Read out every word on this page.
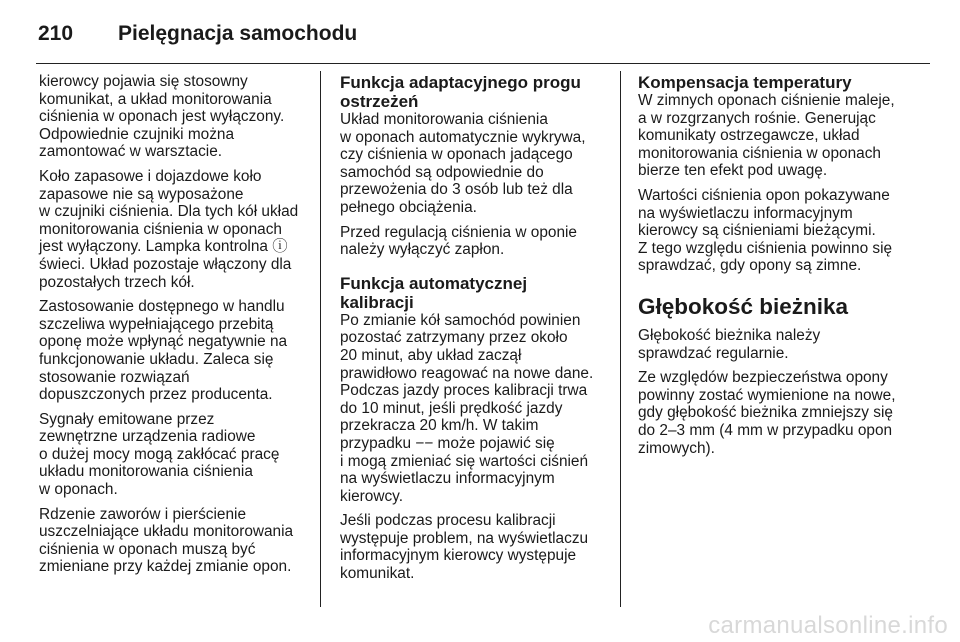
210	Pielęgnacja samochodu

kierowcy pojawia się stosowny
komunikat, a układ monitorowania
ciśnienia w oponach jest wyłączony.
Odpowiednie czujniki można
zamontować w warsztacie.

Koło zapasowe i dojazdowe koło
zapasowe nie są wyposażone
w czujniki ciśnienia. Dla tych kół układ
monitorowania ciśnienia w oponach
jest wyłączony. Lampka kontrolna ⓘ
świeci. Układ pozostaje włączony dla
pozostałych trzech kół.

Zastosowanie dostępnego w handlu
szczeliwa wypełniającego przebitą
oponę może wpłynąć negatywnie na
funkcjonowanie układu. Zaleca się
stosowanie rozwiązań
dopuszczonych przez producenta.

Sygnały emitowane przez
zewnętrzne urządzenia radiowe
o dużej mocy mogą zakłócać pracę
układu monitorowania ciśnienia
w oponach.

Rdzenie zaworów i pierścienie
uszczelniające układu monitorowania
ciśnienia w oponach muszą być
zmieniane przy każdej zmianie opon.

Funkcja adaptacyjnego progu
ostrzeżeń

Układ monitorowania ciśnienia
w oponach automatycznie wykrywa,
czy ciśnienia w oponach jadącego
samochód są odpowiednie do
przewożenia do 3 osób lub też dla
pełnego obciążenia.

Przed regulacją ciśnienia w oponie
należy wyłączyć zapłon.

Funkcja automatycznej
kalibracji

Po zmianie kół samochód powinien
pozostać zatrzymany przez około
20 minut, aby układ zaczął
prawidłowo reagować na nowe dane.
Podczas jazdy proces kalibracji trwa
do 10 minut, jeśli prędkość jazdy
przekracza 20 km/h. W takim
przypadku −− może pojawić się
i mogą zmieniać się wartości ciśnień
na wyświetlaczu informacyjnym
kierowcy.

Jeśli podczas procesu kalibracji
występuje problem, na wyświetlaczu
informacyjnym kierowcy występuje
komunikat.

Kompensacja temperatury

W zimnych oponach ciśnienie maleje,
a w rozgrzanych rośnie. Generując
komunikaty ostrzegawcze, układ
monitorowania ciśnienia w oponach
bierze ten efekt pod uwagę.

Wartości ciśnienia opon pokazywane
na wyświetlaczu informacyjnym
kierowcy są ciśnieniami bieżącymi.
Z tego względu ciśnienia powinno się
sprawdzać, gdy opony są zimne.

Głębokość bieżnika

Głębokość bieżnika należy
sprawdzać regularnie.

Ze względów bezpieczeństwa opony
powinny zostać wymienione na nowe,
gdy głębokość bieżnika zmniejszy się
do 2–3 mm (4 mm w przypadku opon
zimowych).

carmanualsonline.info
